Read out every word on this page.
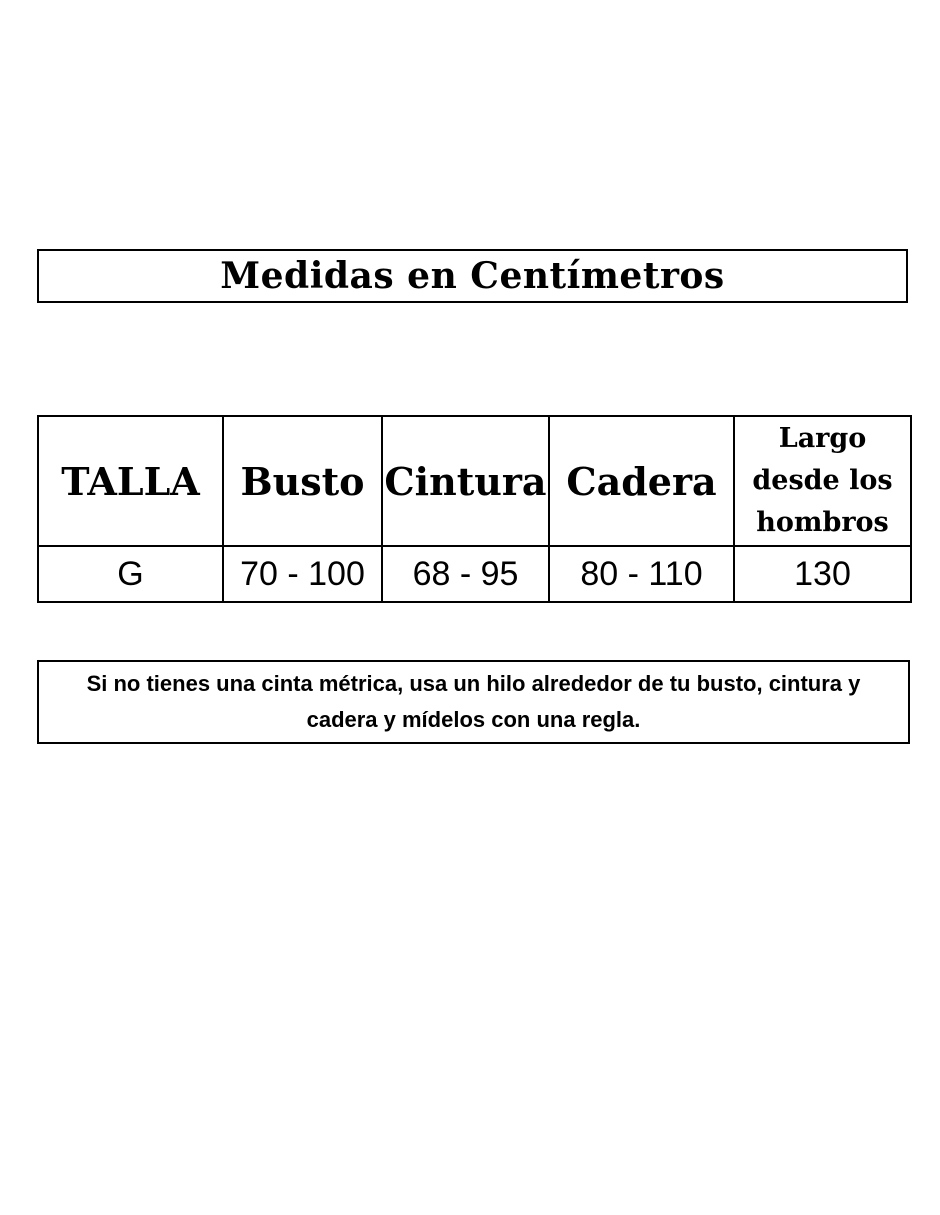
Medidas en Centímetros
TALLA	Busto	Cintura	Cadera	Largo desde los hombros
G	70 - 100	68 - 95	80 - 110	130
Si no tienes una cinta métrica, usa un hilo alrededor de tu busto, cintura y cadera y mídelos con una regla.
